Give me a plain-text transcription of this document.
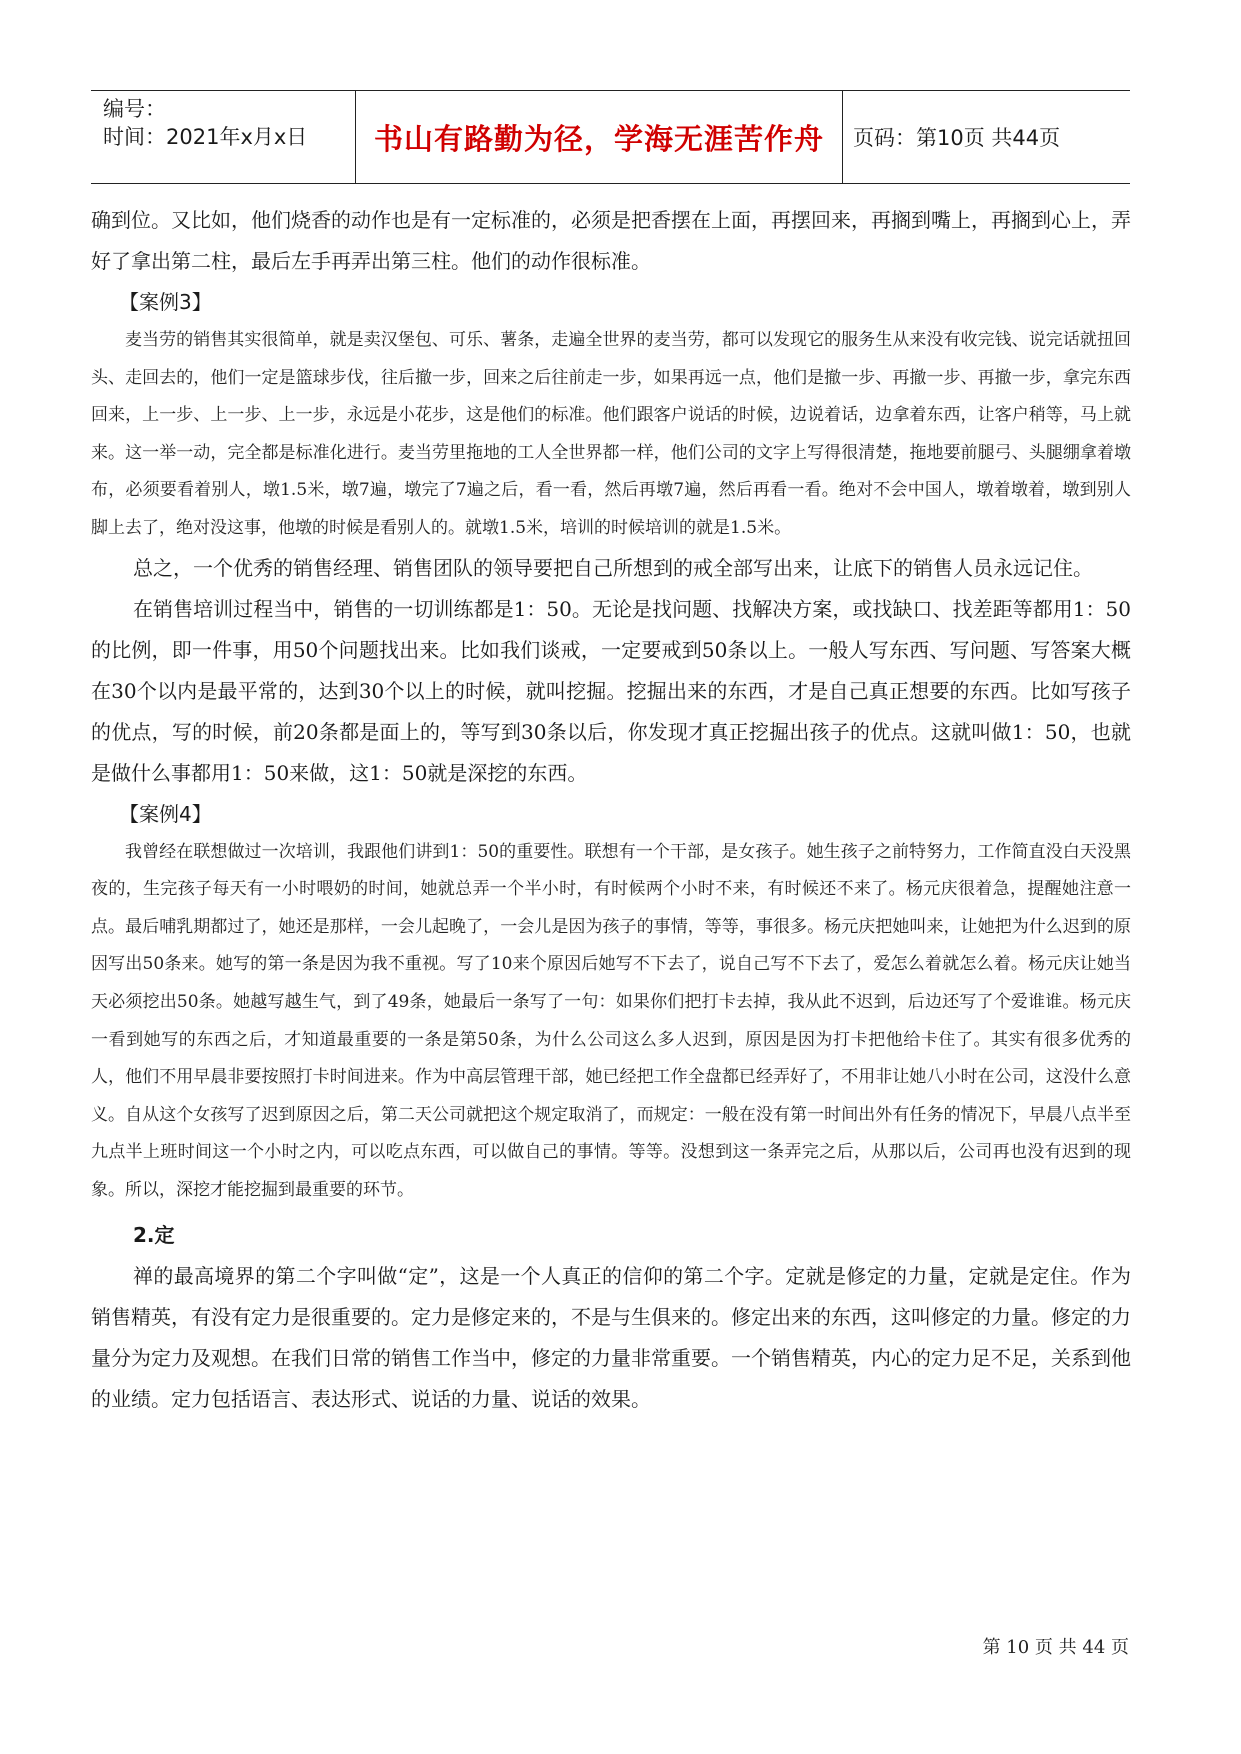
编号：
时间：2021年x月x日 书山有路勤为径，学海无涯苦作舟 页码：第10页 共44页

确到位。又比如，他们烧香的动作也是有一定标准的，必须是把香摆在上面，再摆回来，再搁到嘴上，再搁到心上，弄好了拿出第二柱，最后左手再弄出第三柱。他们的动作很标准。

【案例3】

麦当劳的销售其实很简单，就是卖汉堡包、可乐、薯条，走遍全世界的麦当劳，都可以发现它的服务生从来没有收完钱、说完话就扭回头、走回去的，他们一定是篮球步伐，往后撤一步，回来之后往前走一步，如果再远一点，他们是撤一步、再撤一步、再撤一步，拿完东西回来，上一步、上一步、上一步，永远是小花步，这是他们的标准。他们跟客户说话的时候，边说着话，边拿着东西，让客户稍等，马上就来。这一举一动，完全都是标准化进行。麦当劳里拖地的工人全世界都一样，他们公司的文字上写得很清楚，拖地要前腿弓、头腿绷拿着墩布，必须要看着别人，墩1.5米，墩7遍，墩完了7遍之后，看一看，然后再墩7遍，然后再看一看。绝对不会中国人，墩着墩着，墩到别人脚上去了，绝对没这事，他墩的时候是看别人的。就墩1.5米，培训的时候培训的就是1.5米。

总之，一个优秀的销售经理、销售团队的领导要把自己所想到的戒全部写出来，让底下的销售人员永远记住。

在销售培训过程当中，销售的一切训练都是1：50。无论是找问题、找解决方案，或找缺口、找差距等都用1：50的比例，即一件事，用50个问题找出来。比如我们谈戒，一定要戒到50条以上。一般人写东西、写问题、写答案大概在30个以内是最平常的，达到30个以上的时候，就叫挖掘。挖掘出来的东西，才是自己真正想要的东西。比如写孩子的优点，写的时候，前20条都是面上的，等写到30条以后，你发现才真正挖掘出孩子的优点。这就叫做1：50，也就是做什么事都用1：50来做，这1：50就是深挖的东西。

【案例4】

我曾经在联想做过一次培训，我跟他们讲到1：50的重要性。联想有一个干部，是女孩子。她生孩子之前特努力，工作简直没白天没黑夜的，生完孩子每天有一小时喂奶的时间，她就总弄一个半小时，有时候两个小时不来，有时候还不来了。杨元庆很着急，提醒她注意一点。最后哺乳期都过了，她还是那样，一会儿起晚了，一会儿是因为孩子的事情，等等，事很多。杨元庆把她叫来，让她把为什么迟到的原因写出50条来。她写的第一条是因为我不重视。写了10来个原因后她写不下去了，说自己写不下去了，爱怎么着就怎么着。杨元庆让她当天必须挖出50条。她越写越生气，到了49条，她最后一条写了一句：如果你们把打卡去掉，我从此不迟到，后边还写了个爱谁谁。杨元庆一看到她写的东西之后，才知道最重要的一条是第50条，为什么公司这么多人迟到，原因是因为打卡把他给卡住了。其实有很多优秀的人，他们不用早晨非要按照打卡时间进来。作为中高层管理干部，她已经把工作全盘都已经弄好了，不用非让她八小时在公司，这没什么意义。自从这个女孩写了迟到原因之后，第二天公司就把这个规定取消了，而规定：一般在没有第一时间出外有任务的情况下，早晨八点半至九点半上班时间这一个小时之内，可以吃点东西，可以做自己的事情。等等。没想到这一条弄完之后，从那以后，公司再也没有迟到的现象。所以，深挖才能挖掘到最重要的环节。

2.定

禅的最高境界的第二个字叫做“定”，这是一个人真正的信仰的第二个字。定就是修定的力量，定就是定住。作为销售精英，有没有定力是很重要的。定力是修定来的，不是与生俱来的。修定出来的东西，这叫修定的力量。修定的力量分为定力及观想。在我们日常的销售工作当中，修定的力量非常重要。一个销售精英，内心的定力足不足，关系到他的业绩。定力包括语言、表达形式、说话的力量、说话的效果。

第 10 页 共 44 页
